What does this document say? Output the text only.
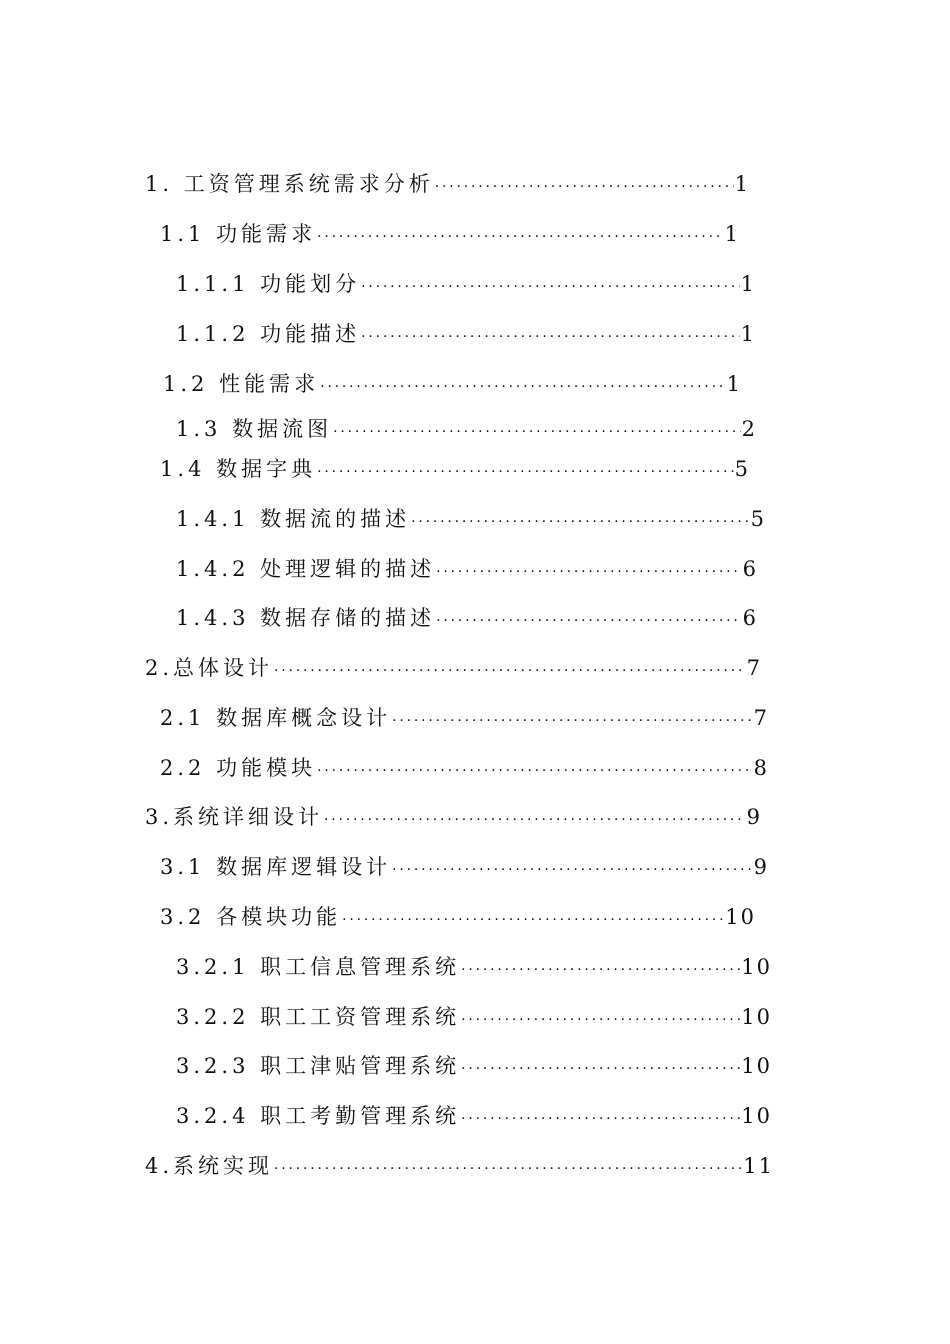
1. 工资管理系统需求分析 ·····	1
1.1 功能需求 ·····	1
1.1.1 功能划分 ·····	1
1.1.2 功能描述 ·····	1
1.2 性能需求 ·····	1
1.3 数据流图 ·····	2
1.4 数据字典 ·····	5
1.4.1 数据流的描述 ·····	5
1.4.2 处理逻辑的描述 ·····	6
1.4.3 数据存储的描述 ·····	6
2.总体设计 ·····	7
2.1 数据库概念设计 ·····	7
2.2 功能模块 ·····	8
3.系统详细设计 ·····	9
3.1 数据库逻辑设计 ·····	9
3.2 各模块功能 ·····	10
3.2.1 职工信息管理系统 ·····	10
3.2.2 职工工资管理系统 ·····	10
3.2.3 职工津贴管理系统 ·····	10
3.2.4 职工考勤管理系统 ·····	10
4.系统实现 ·····	11
